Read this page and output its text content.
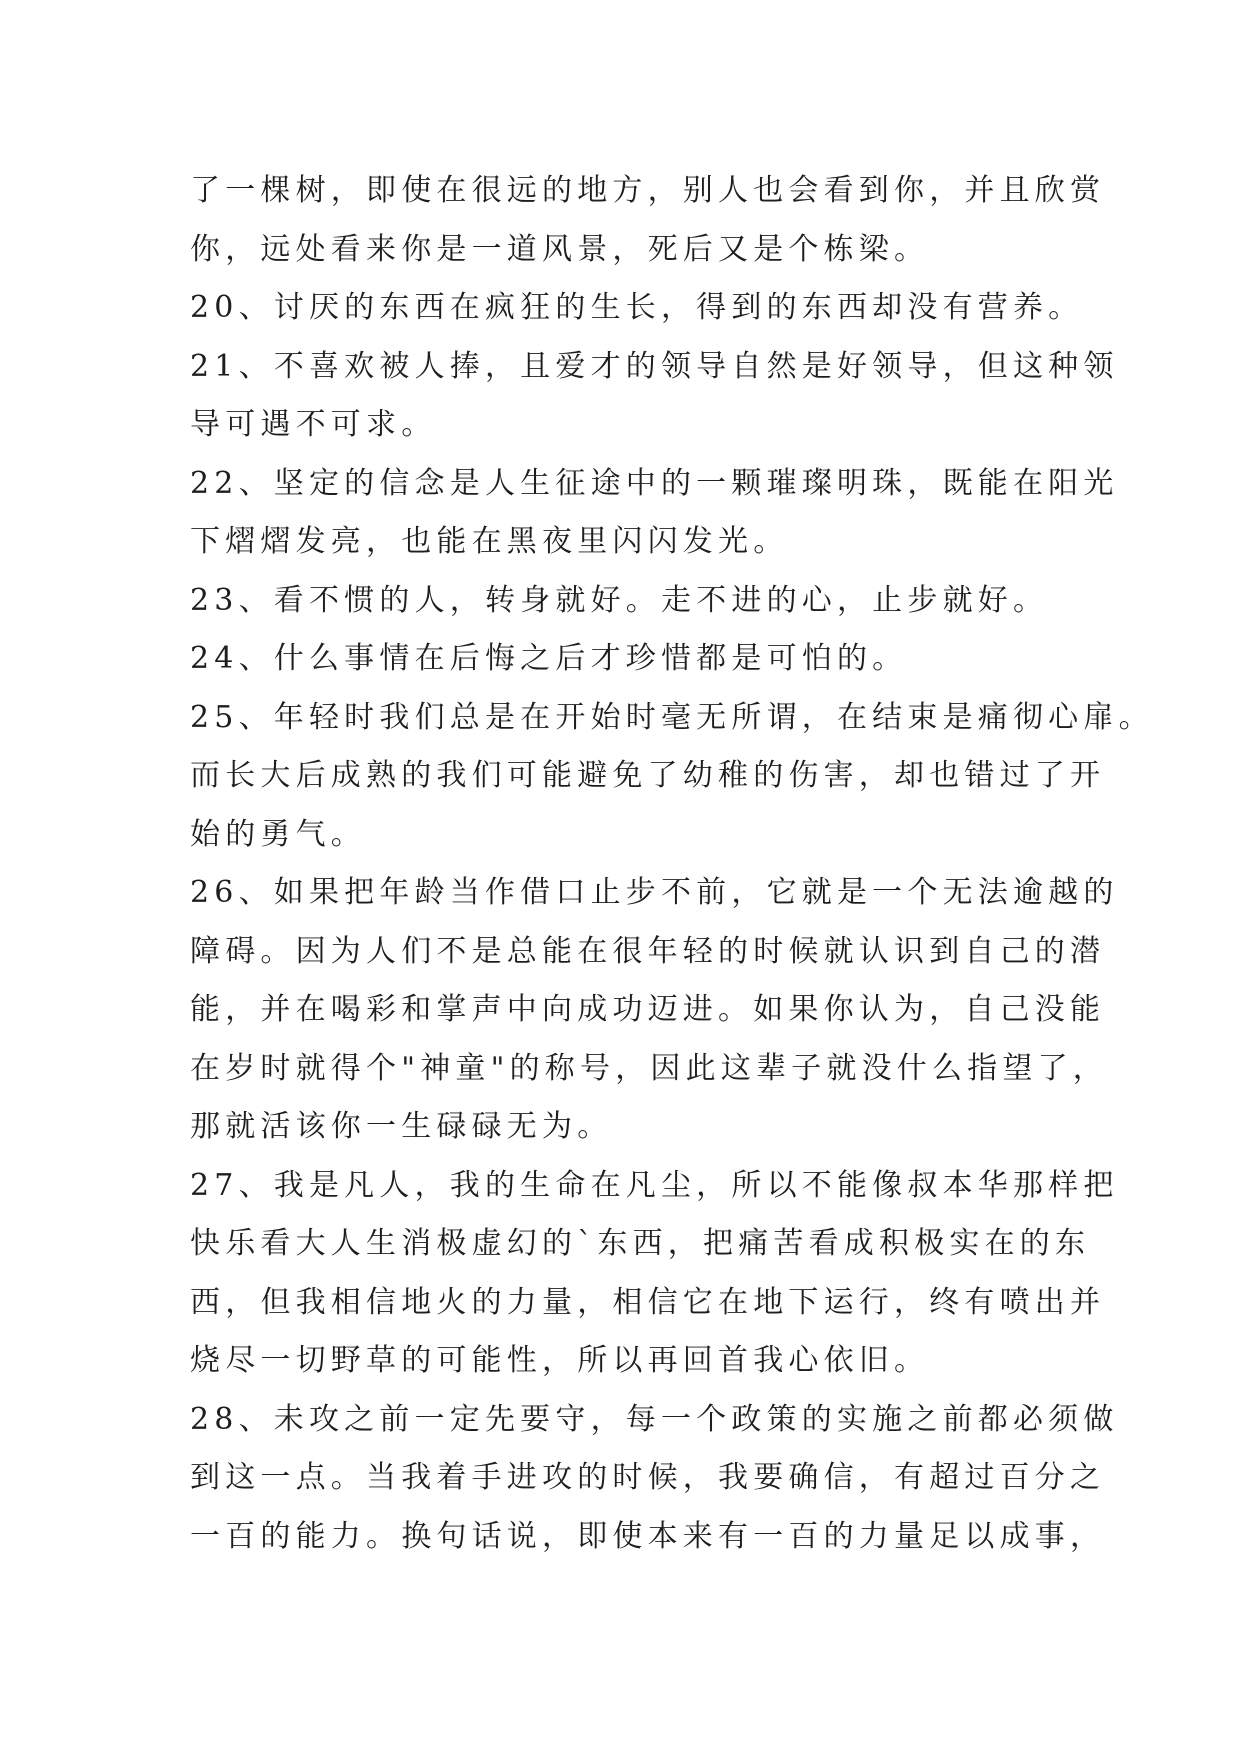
了一棵树，即使在很远的地方，别人也会看到你，并且欣赏
你，远处看来你是一道风景，死后又是个栋梁。
20、讨厌的东西在疯狂的生长，得到的东西却没有营养。
21、不喜欢被人捧，且爱才的领导自然是好领导，但这种领
导可遇不可求。
22、坚定的信念是人生征途中的一颗璀璨明珠，既能在阳光
下熠熠发亮，也能在黑夜里闪闪发光。
23、看不惯的人，转身就好。走不进的心，止步就好。
24、什么事情在后悔之后才珍惜都是可怕的。
25、年轻时我们总是在开始时毫无所谓，在结束是痛彻心扉。
而长大后成熟的我们可能避免了幼稚的伤害，却也错过了开
始的勇气。
26、如果把年龄当作借口止步不前，它就是一个无法逾越的
障碍。因为人们不是总能在很年轻的时候就认识到自己的潜
能，并在喝彩和掌声中向成功迈进。如果你认为，自己没能
在岁时就得个"神童"的称号，因此这辈子就没什么指望了，
那就活该你一生碌碌无为。
27、我是凡人，我的生命在凡尘，所以不能像叔本华那样把
快乐看大人生消极虚幻的`东西，把痛苦看成积极实在的东
西，但我相信地火的力量，相信它在地下运行，终有喷出并
烧尽一切野草的可能性，所以再回首我心依旧。
28、未攻之前一定先要守，每一个政策的实施之前都必须做
到这一点。当我着手进攻的时候，我要确信，有超过百分之
一百的能力。换句话说，即使本来有一百的力量足以成事，
